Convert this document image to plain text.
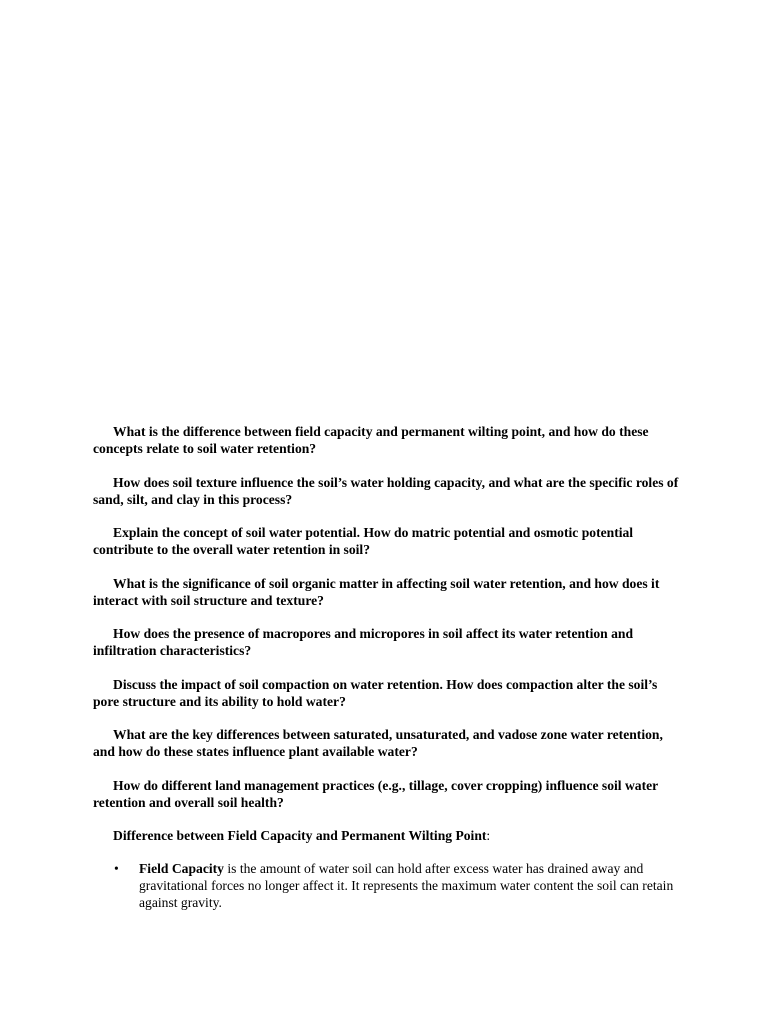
What is the difference between field capacity and permanent wilting point, and how do these concepts relate to soil water retention?

How does soil texture influence the soil’s water holding capacity, and what are the specific roles of sand, silt, and clay in this process?

Explain the concept of soil water potential. How do matric potential and osmotic potential contribute to the overall water retention in soil?

What is the significance of soil organic matter in affecting soil water retention, and how does it interact with soil structure and texture?

How does the presence of macropores and micropores in soil affect its water retention and infiltration characteristics?

Discuss the impact of soil compaction on water retention. How does compaction alter the soil’s pore structure and its ability to hold water?

What are the key differences between saturated, unsaturated, and vadose zone water retention, and how do these states influence plant available water?

How do different land management practices (e.g., tillage, cover cropping) influence soil water retention and overall soil health?

Difference between Field Capacity and Permanent Wilting Point:

• Field Capacity is the amount of water soil can hold after excess water has drained away and gravitational forces no longer affect it. It represents the maximum water content the soil can retain against gravity.
